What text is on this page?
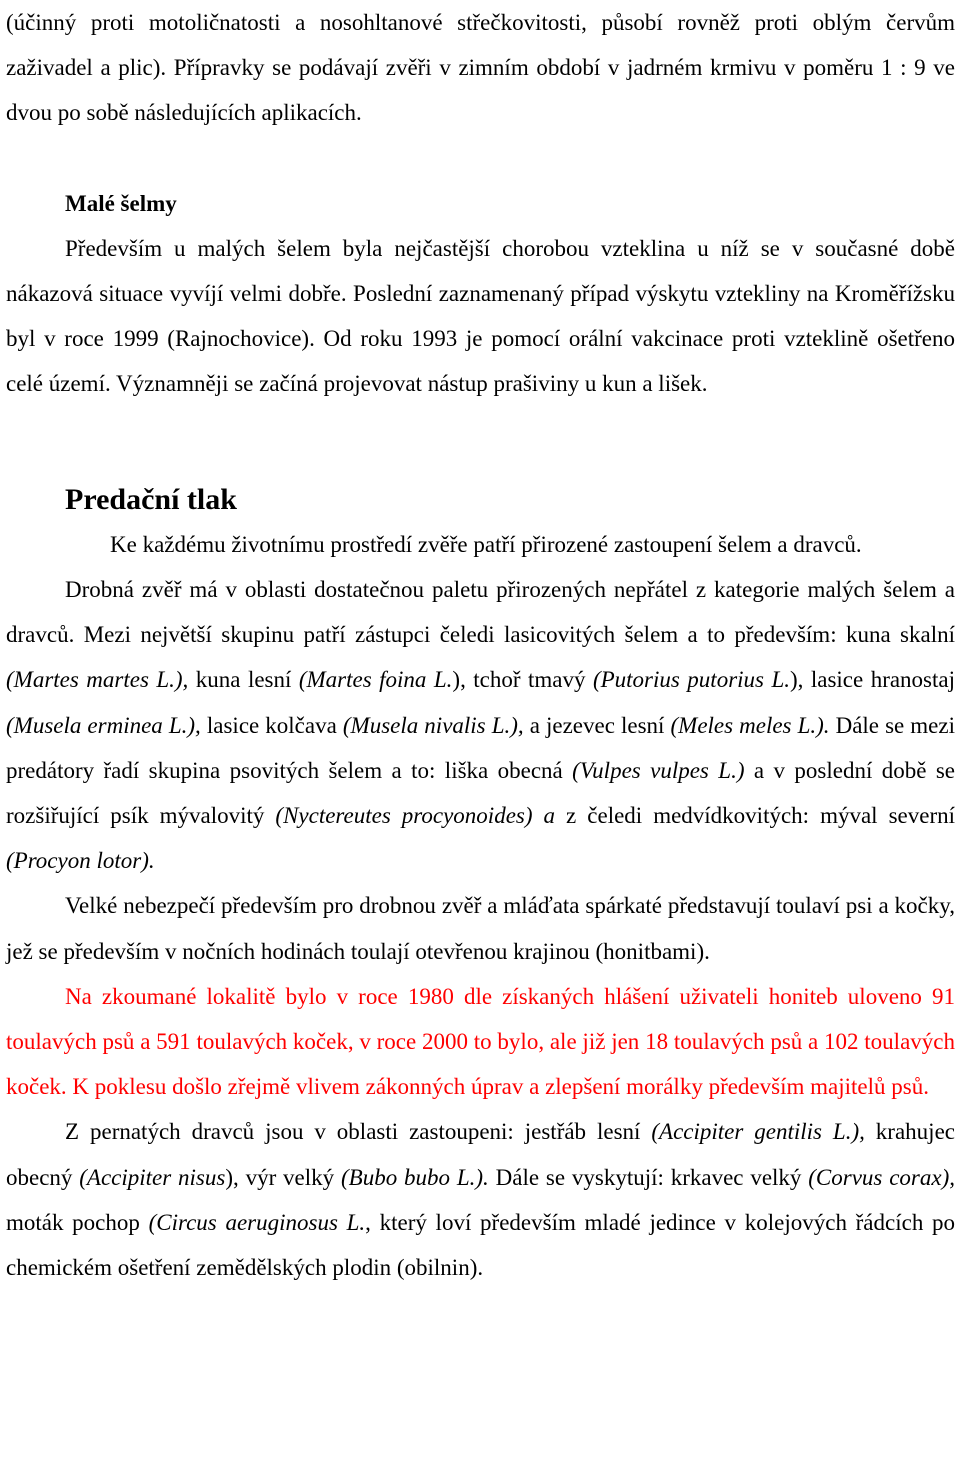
(účinný proti motoličnatosti a nosohltanové střečkovitosti, působí rovněž proti oblým červům zaživadel a plic). Přípravky se podávají zvěři v zimním období v jadrném krmivu v poměru 1 : 9 ve dvou po sobě následujících aplikacích.

Malé šelmy

Především u malých šelem byla nejčastější chorobou vzteklina u níž se v současné době nákazová situace vyvíjí velmi dobře. Poslední zaznamenaný případ výskytu vztekliny na Kroměřížsku byl v roce 1999 (Rajnochovice). Od roku 1993 je pomocí orální vakcinace proti vzteklině ošetřeno celé území. Významněji se začíná projevovat nástup prašiviny u kun a lišek.

Predační tlak

Ke každému životnímu prostředí zvěře patří přirozené zastoupení šelem a dravců.

Drobná zvěř má v oblasti dostatečnou paletu přirozených nepřátel z kategorie malých šelem a dravců. Mezi největší skupinu patří zástupci čeledi lasicovitých šelem a to především: kuna skalní (Martes martes L.), kuna lesní (Martes foina L.), tchoř tmavý (Putorius putorius L.), lasice hranostaj (Musela erminea L.), lasice kolčava (Musela nivalis L.), a jezevec lesní (Meles meles L.). Dále se mezi predátory řadí skupina psovitých šelem a to: liška obecná (Vulpes vulpes L.) a v poslední době se rozšiřující psík mývalovitý (Nyctereutes procyonoides) a z čeledi medvídkovitých: mýval severní (Procyon lotor).

Velké nebezpečí především pro drobnou zvěř a mláďata spárkaté představují toulaví psi a kočky, jež se především v nočních hodinách toulají otevřenou krajinou (honitbami).

Na zkoumané lokalitě bylo v roce 1980 dle získaných hlášení uživateli honiteb uloveno 91 toulavých psů a 591 toulavých koček, v roce 2000 to bylo, ale již jen 18 toulavých psů a 102 toulavých koček. K poklesu došlo zřejmě vlivem zákonných úprav a zlepšení morálky především majitelů psů.

Z pernatých dravců jsou v oblasti zastoupeni: jestřáb lesní (Accipiter gentilis L.), krahujec obecný (Accipiter nisus), výr velký (Bubo bubo L.). Dále se vyskytují: krkavec velký (Corvus corax), moták pochop (Circus aeruginosus L., který loví především mladé jedince v kolejových řádcích po chemickém ošetření zemědělských plodin (obilnin).
